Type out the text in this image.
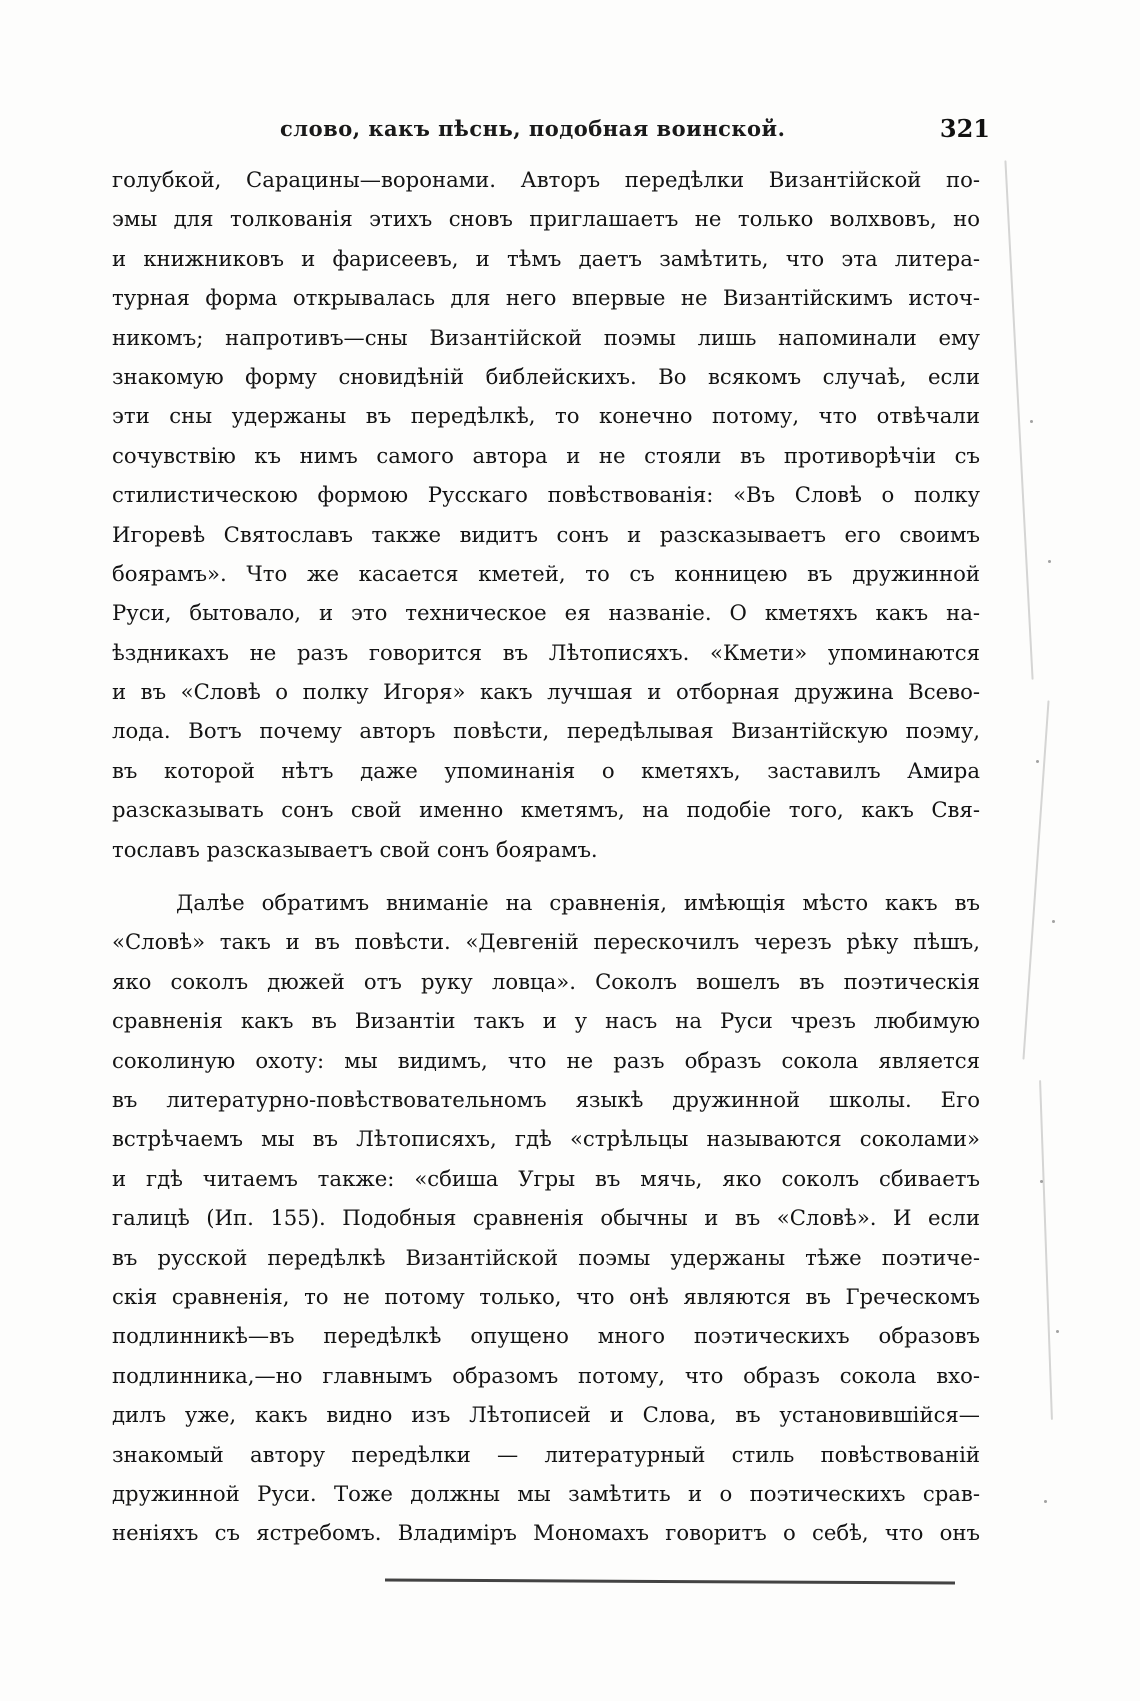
слово, какъ пѣснь, подобная воинской.	321
голубкой, Сарацины—воронами. Авторъ передѣлки Византійской по-
эмы для толкованія этихъ сновъ приглашаетъ не только волхвовъ, но
и книжниковъ и фарисеевъ, и тѣмъ даетъ замѣтить, что эта литера-
турная форма открывалась для него впервые не Византійскимъ источ-
никомъ; напротивъ—сны Византійской поэмы лишь напоминали ему
знакомую форму сновидѣній библейскихъ. Во всякомъ случаѣ, если
эти сны удержаны въ передѣлкѣ, то конечно потому, что отвѣчали
сочувствію къ нимъ самого автора и не стояли въ противорѣчіи съ
стилистическою формою Русскаго повѣствованія: «Въ Словѣ о полку
Игоревѣ Святославъ также видитъ сонъ и разсказываетъ его своимъ
боярамъ». Что же касается кметей, то съ конницею въ дружинной
Руси, бытовало, и это техническое ея названіе. О кметяхъ какъ на-
ѣздникахъ не разъ говорится въ Лѣтописяхъ. «Кмети» упоминаются
и въ «Словѣ о полку Игоря» какъ лучшая и отборная дружина Всево-
лода. Вотъ почему авторъ повѣсти, передѣлывая Византійскую поэму,
въ которой нѣтъ даже упоминанія о кметяхъ, заставилъ Амира
разсказывать сонъ свой именно кметямъ, на подобіе того, какъ Свя-
тославъ разсказываетъ свой сонъ боярамъ.
Далѣе обратимъ вниманіе на сравненія, имѣющія мѣсто какъ въ
«Словѣ» такъ и въ повѣсти. «Девгеній перескочилъ черезъ рѣку пѣшъ,
яко соколъ дюжей отъ руку ловца». Соколъ вошелъ въ поэтическія
сравненія какъ въ Византіи такъ и у насъ на Руси чрезъ любимую
соколиную охоту: мы видимъ, что не разъ образъ сокола является
въ литературно-повѣствовательномъ языкѣ дружинной школы. Его
встрѣчаемъ мы въ Лѣтописяхъ, гдѣ «стрѣльцы называются соколами»
и гдѣ читаемъ также: «сбиша Угры въ мячь, яко соколъ сбиваетъ
галицѣ (Ип. 155). Подобныя сравненія обычны и въ «Словѣ». И если
въ русской передѣлкѣ Византійской поэмы удержаны тѣже поэтиче-
скія сравненія, то не потому только, что онѣ являются въ Греческомъ
подлинникѣ—въ передѣлкѣ опущено много поэтическихъ образовъ
подлинника,—но главнымъ образомъ потому, что образъ сокола вхо-
дилъ уже, какъ видно изъ Лѣтописей и Слова, въ установившійся—
знакомый автору передѣлки — литературный стиль повѣствованій
дружинной Руси. Тоже должны мы замѣтить и о поэтическихъ срав-
неніяхъ съ ястребомъ. Владиміръ Мономахъ говоритъ о себѣ, что онъ
